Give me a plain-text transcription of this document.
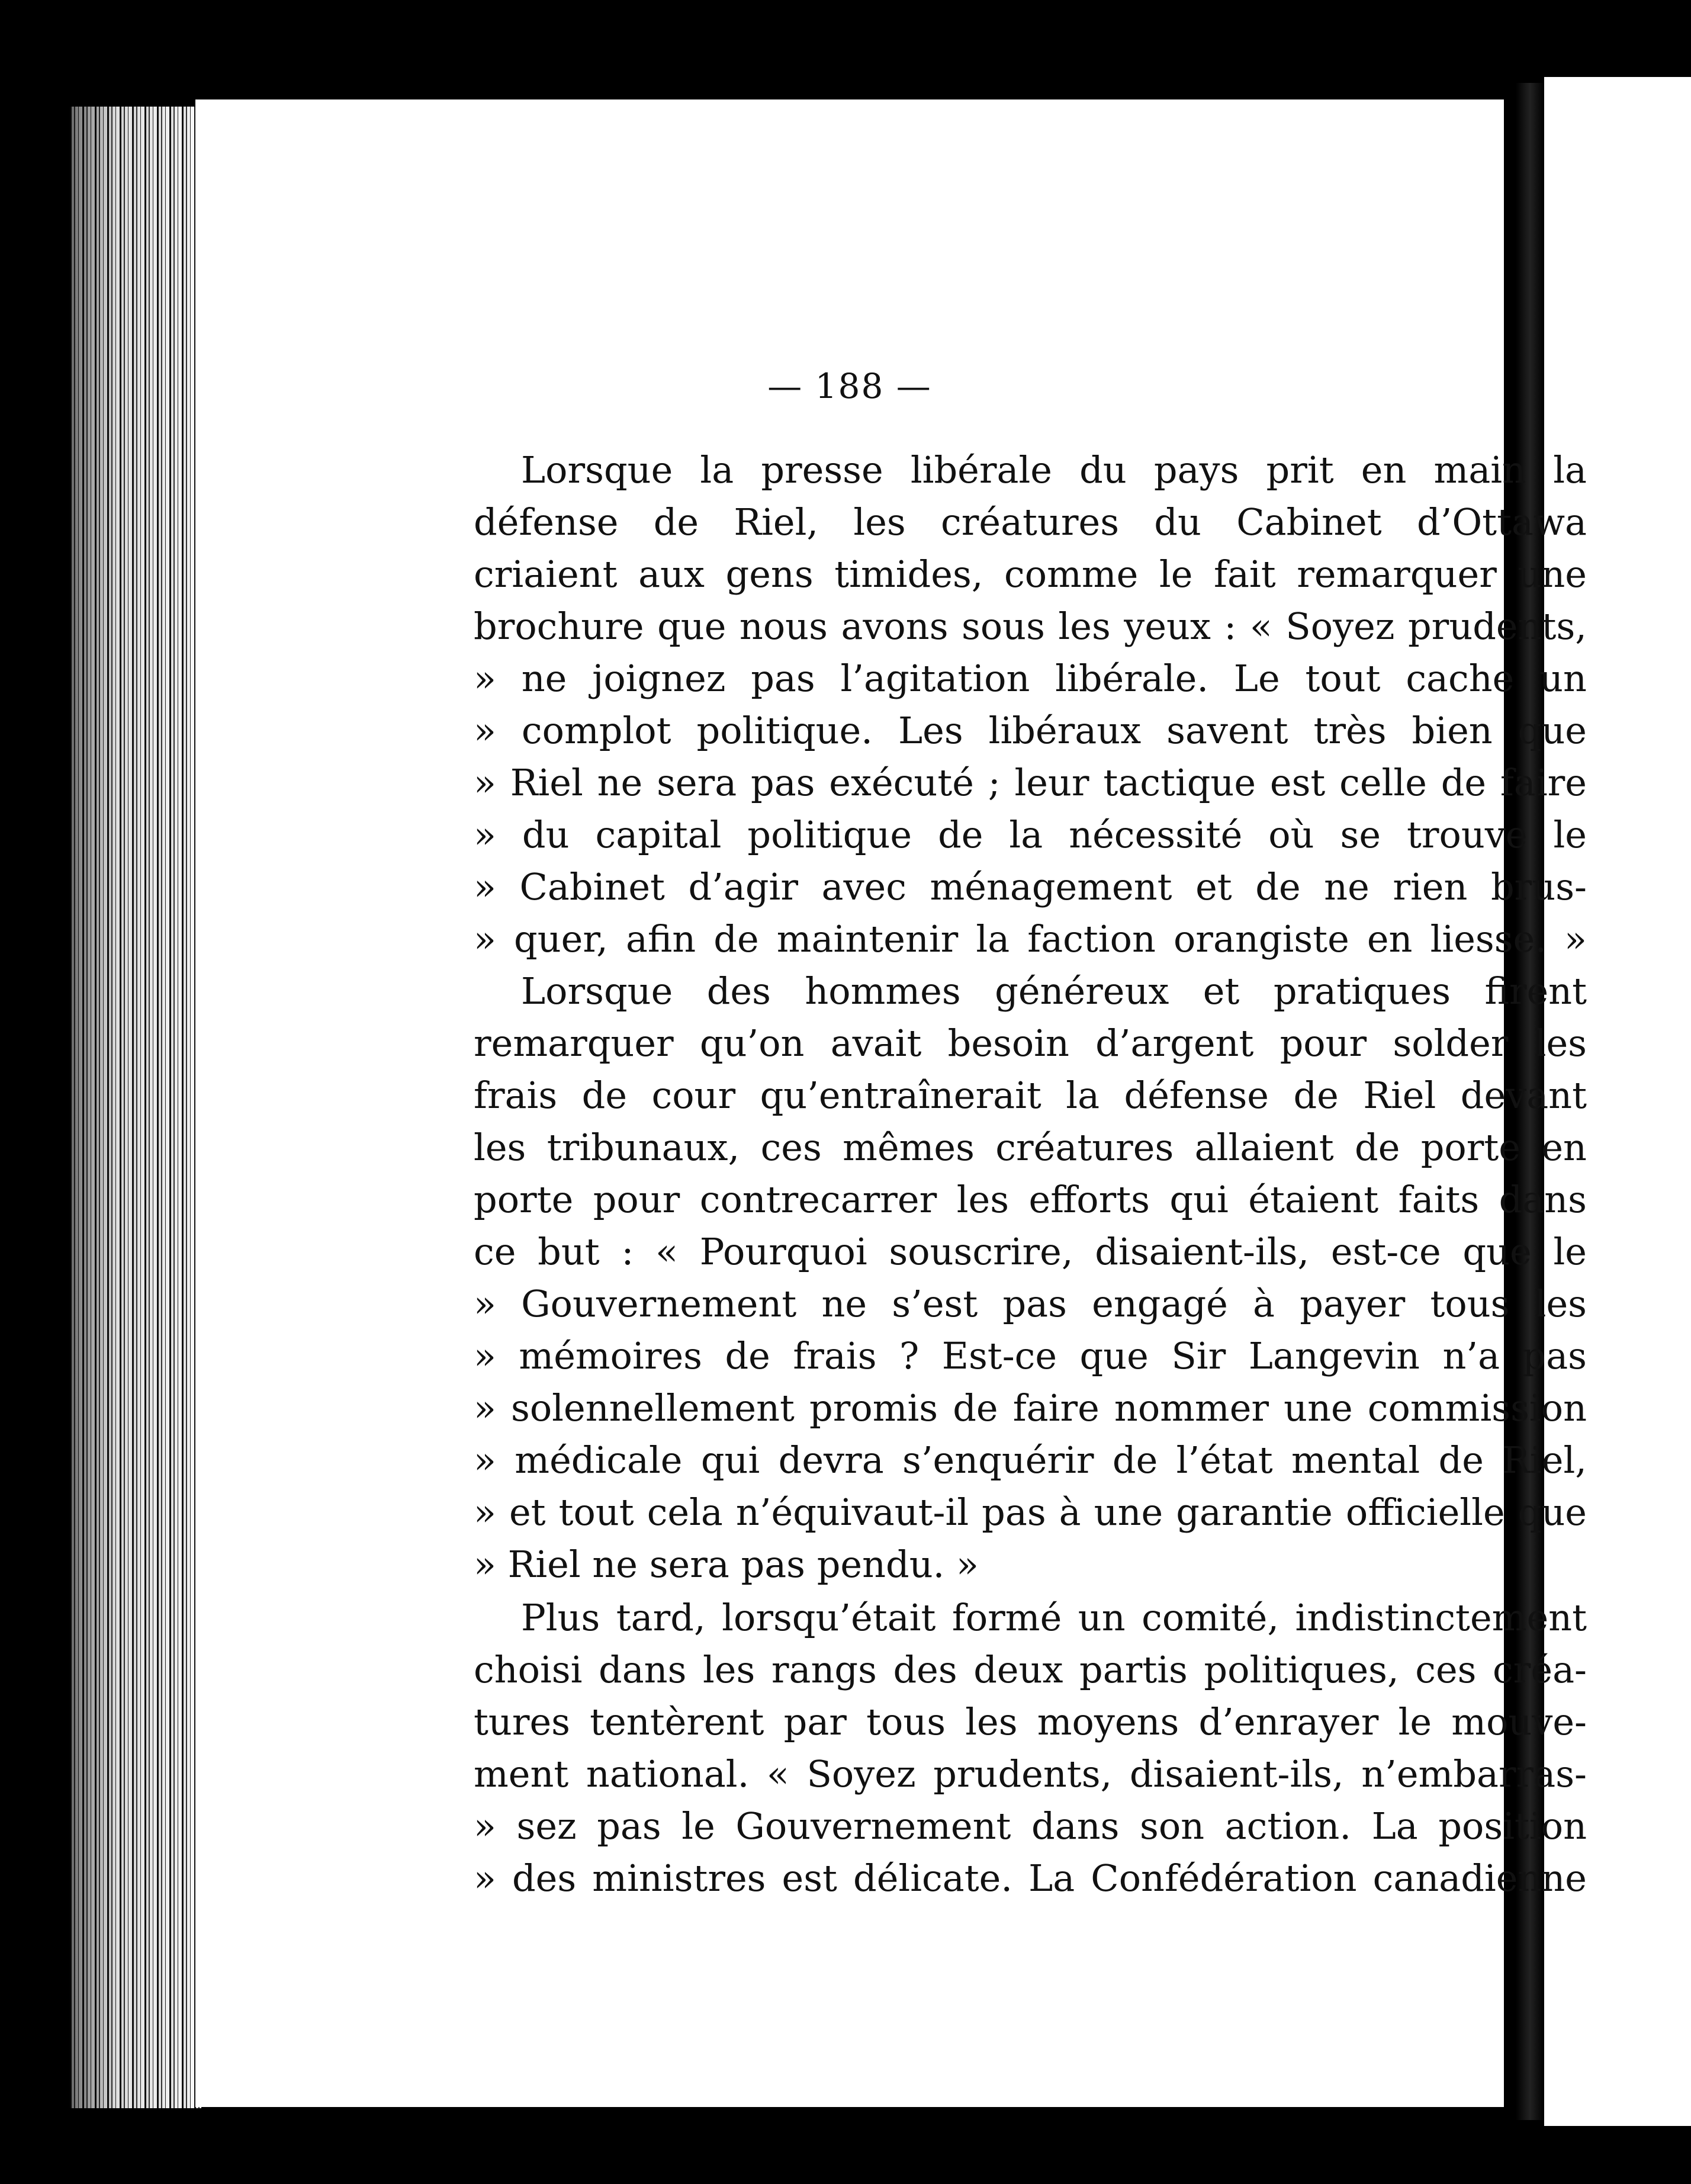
— 188 —
Lorsque la presse libérale du pays prit en main la
défense de Riel, les créatures du Cabinet d’Ottawa
criaient aux gens timides, comme le fait remarquer une
brochure que nous avons sous les yeux : « Soyez prudents,
» ne joignez pas l’agitation libérale. Le tout cache un
» complot politique. Les libéraux savent très bien que
» Riel ne sera pas exécuté ; leur tactique est celle de faire
» du capital politique de la nécessité où se trouve le
» Cabinet d’agir avec ménagement et de ne rien brus-
» quer, afin de maintenir la faction orangiste en liesse. »
Lorsque des hommes généreux et pratiques firent
remarquer qu’on avait besoin d’argent pour solder les
frais de cour qu’entraînerait la défense de Riel devant
les tribunaux, ces mêmes créatures allaient de porte en
porte pour contrecarrer les efforts qui étaient faits dans
ce but : « Pourquoi souscrire, disaient-ils, est-ce que le
» Gouvernement ne s’est pas engagé à payer tous les
» mémoires de frais ? Est-ce que Sir Langevin n’a pas
» solennellement promis de faire nommer une commission
» médicale qui devra s’enquérir de l’état mental de Riel,
» et tout cela n’équivaut-il pas à une garantie officielle que
» Riel ne sera pas pendu. »
Plus tard, lorsqu’était formé un comité, indistinctement
choisi dans les rangs des deux partis politiques, ces créa-
tures tentèrent par tous les moyens d’enrayer le mouve-
ment national. « Soyez prudents, disaient-ils, n’embarras-
» sez pas le Gouvernement dans son action. La position
» des ministres est délicate. La Confédération canadienne
